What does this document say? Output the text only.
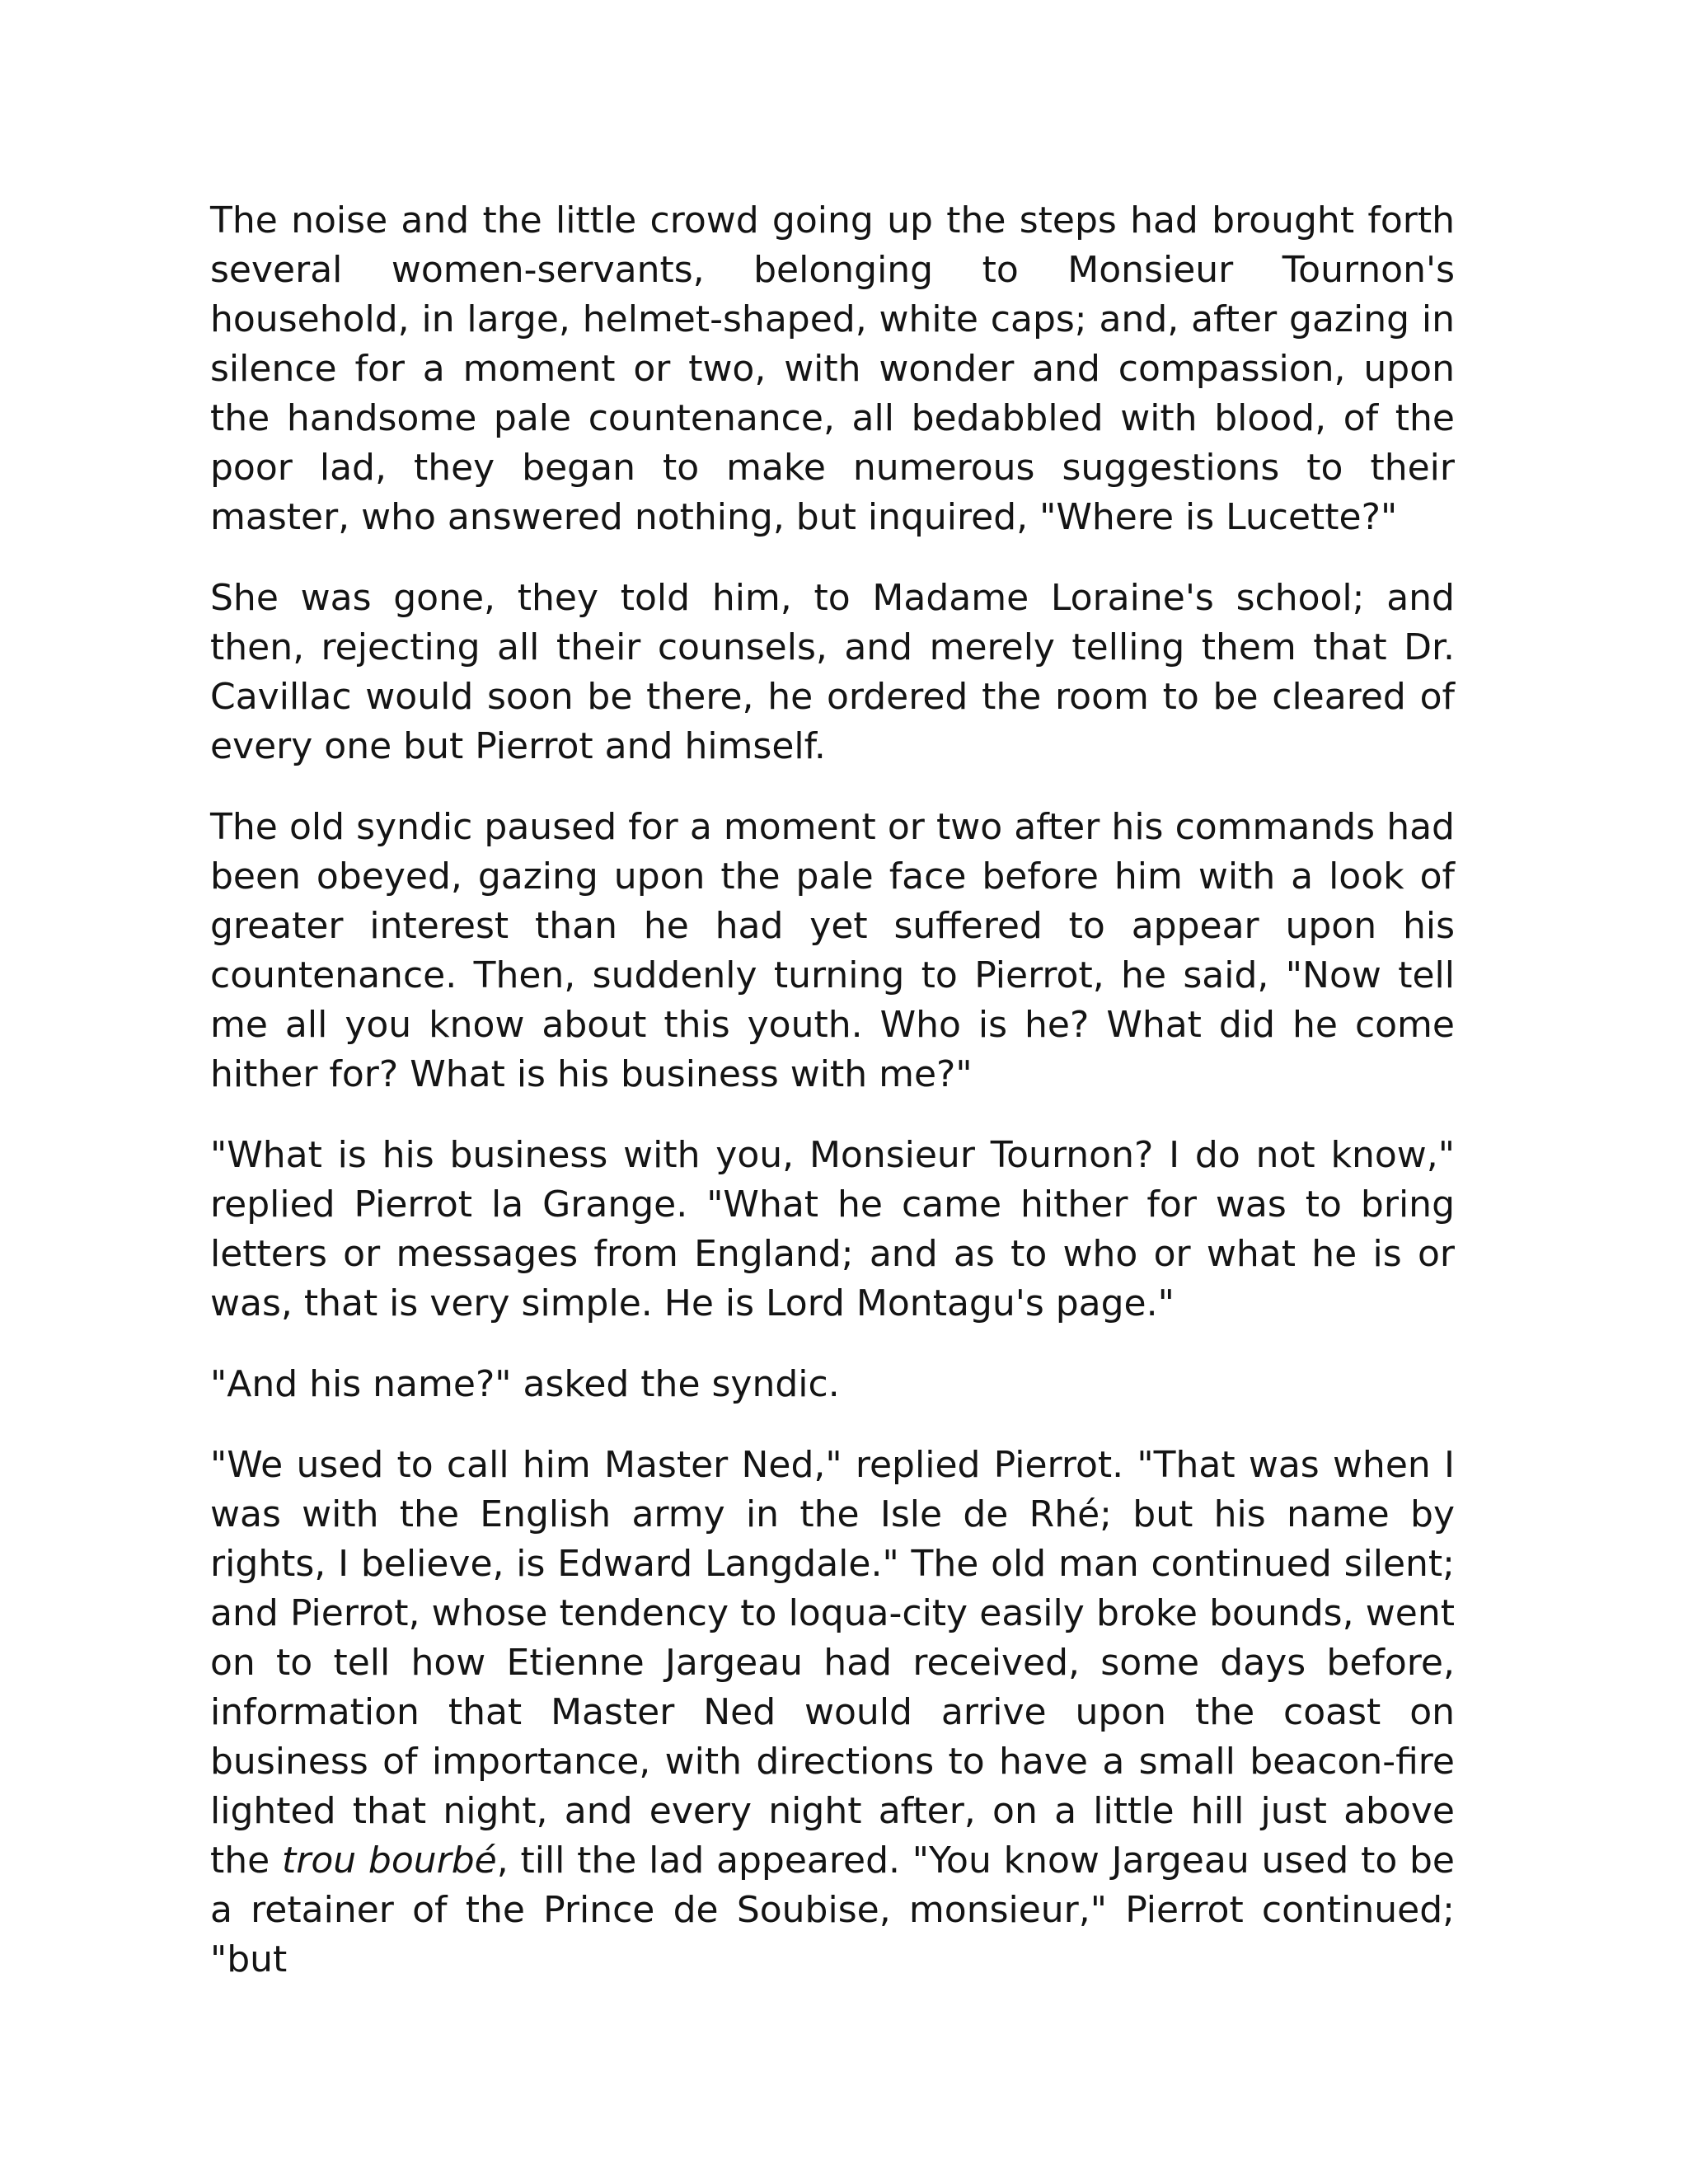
The noise and the little crowd going up the steps had brought forth several women-servants, belonging to Monsieur Tournon's household, in large, helmet-shaped, white caps; and, after gazing in silence for a moment or two, with wonder and compassion, upon the handsome pale countenance, all bedabbled with blood, of the poor lad, they began to make numerous suggestions to their master, who answered nothing, but inquired, "Where is Lucette?"

She was gone, they told him, to Madame Loraine's school; and then, rejecting all their counsels, and merely telling them that Dr. Cavillac would soon be there, he ordered the room to be cleared of every one but Pierrot and himself.

The old syndic paused for a moment or two after his commands had been obeyed, gazing upon the pale face before him with a look of greater interest than he had yet suffered to appear upon his countenance. Then, suddenly turning to Pierrot, he said, "Now tell me all you know about this youth. Who is he? What did he come hither for? What is his business with me?"

"What is his business with you, Monsieur Tournon? I do not know," replied Pierrot la Grange. "What he came hither for was to bring letters or messages from England; and as to who or what he is or was, that is very simple. He is Lord Montagu's page."

"And his name?" asked the syndic.

"We used to call him Master Ned," replied Pierrot. "That was when I was with the English army in the Isle de Rhé; but his name by rights, I believe, is Edward Langdale." The old man continued silent; and Pierrot, whose tendency to loqua-city easily broke bounds, went on to tell how Etienne Jargeau had received, some days before, information that Master Ned would arrive upon the coast on business of importance, with directions to have a small beacon-fire lighted that night, and every night after, on a little hill just above the trou bourbé, till the lad appeared. "You know Jargeau used to be a retainer of the Prince de Soubise, monsieur," Pierrot continued; "but
